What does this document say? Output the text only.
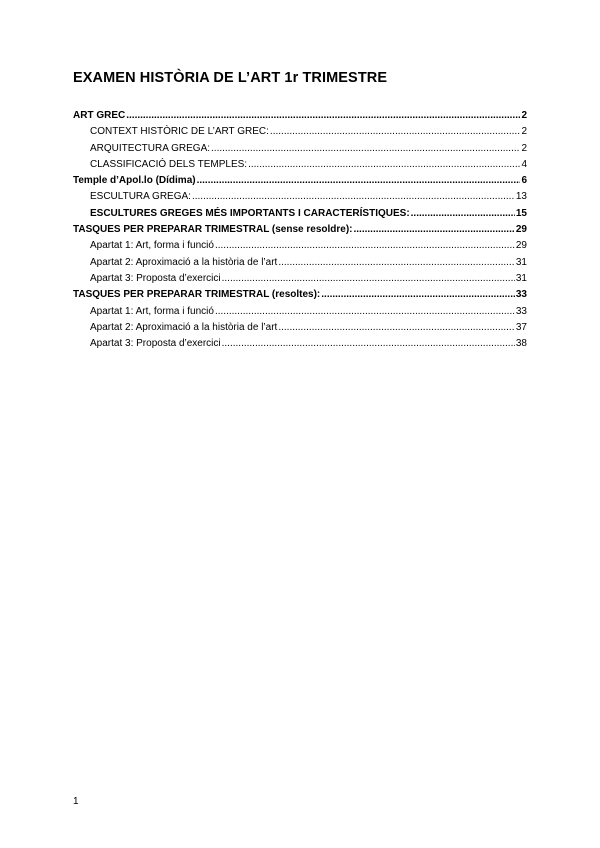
EXAMEN HISTÒRIA DE L’ART 1r TRIMESTRE
ART GREC .....	2
CONTEXT HISTÒRIC DE L’ART GREC: .....	2
ARQUITECTURA GREGA: .....	2
CLASSIFICACIÓ DELS TEMPLES: .....	4
Temple d’Apol.lo (Dídima) .....	6
ESCULTURA GREGA: .....	13
ESCULTURES GREGES MÉS IMPORTANTS I CARACTERÍSTIQUES: .....	15
TASQUES PER PREPARAR TRIMESTRAL (sense resoldre): .....	29
Apartat 1: Art, forma i funció .....	29
Apartat 2: Aproximació a la història de l’art .....	31
Apartat 3: Proposta d’exercici .....	31
TASQUES PER PREPARAR TRIMESTRAL (resoltes): .....	33
Apartat 1: Art, forma i funció .....	33
Apartat 2: Aproximació a la història de l’art .....	37
Apartat 3: Proposta d’exercici .....	38
1
